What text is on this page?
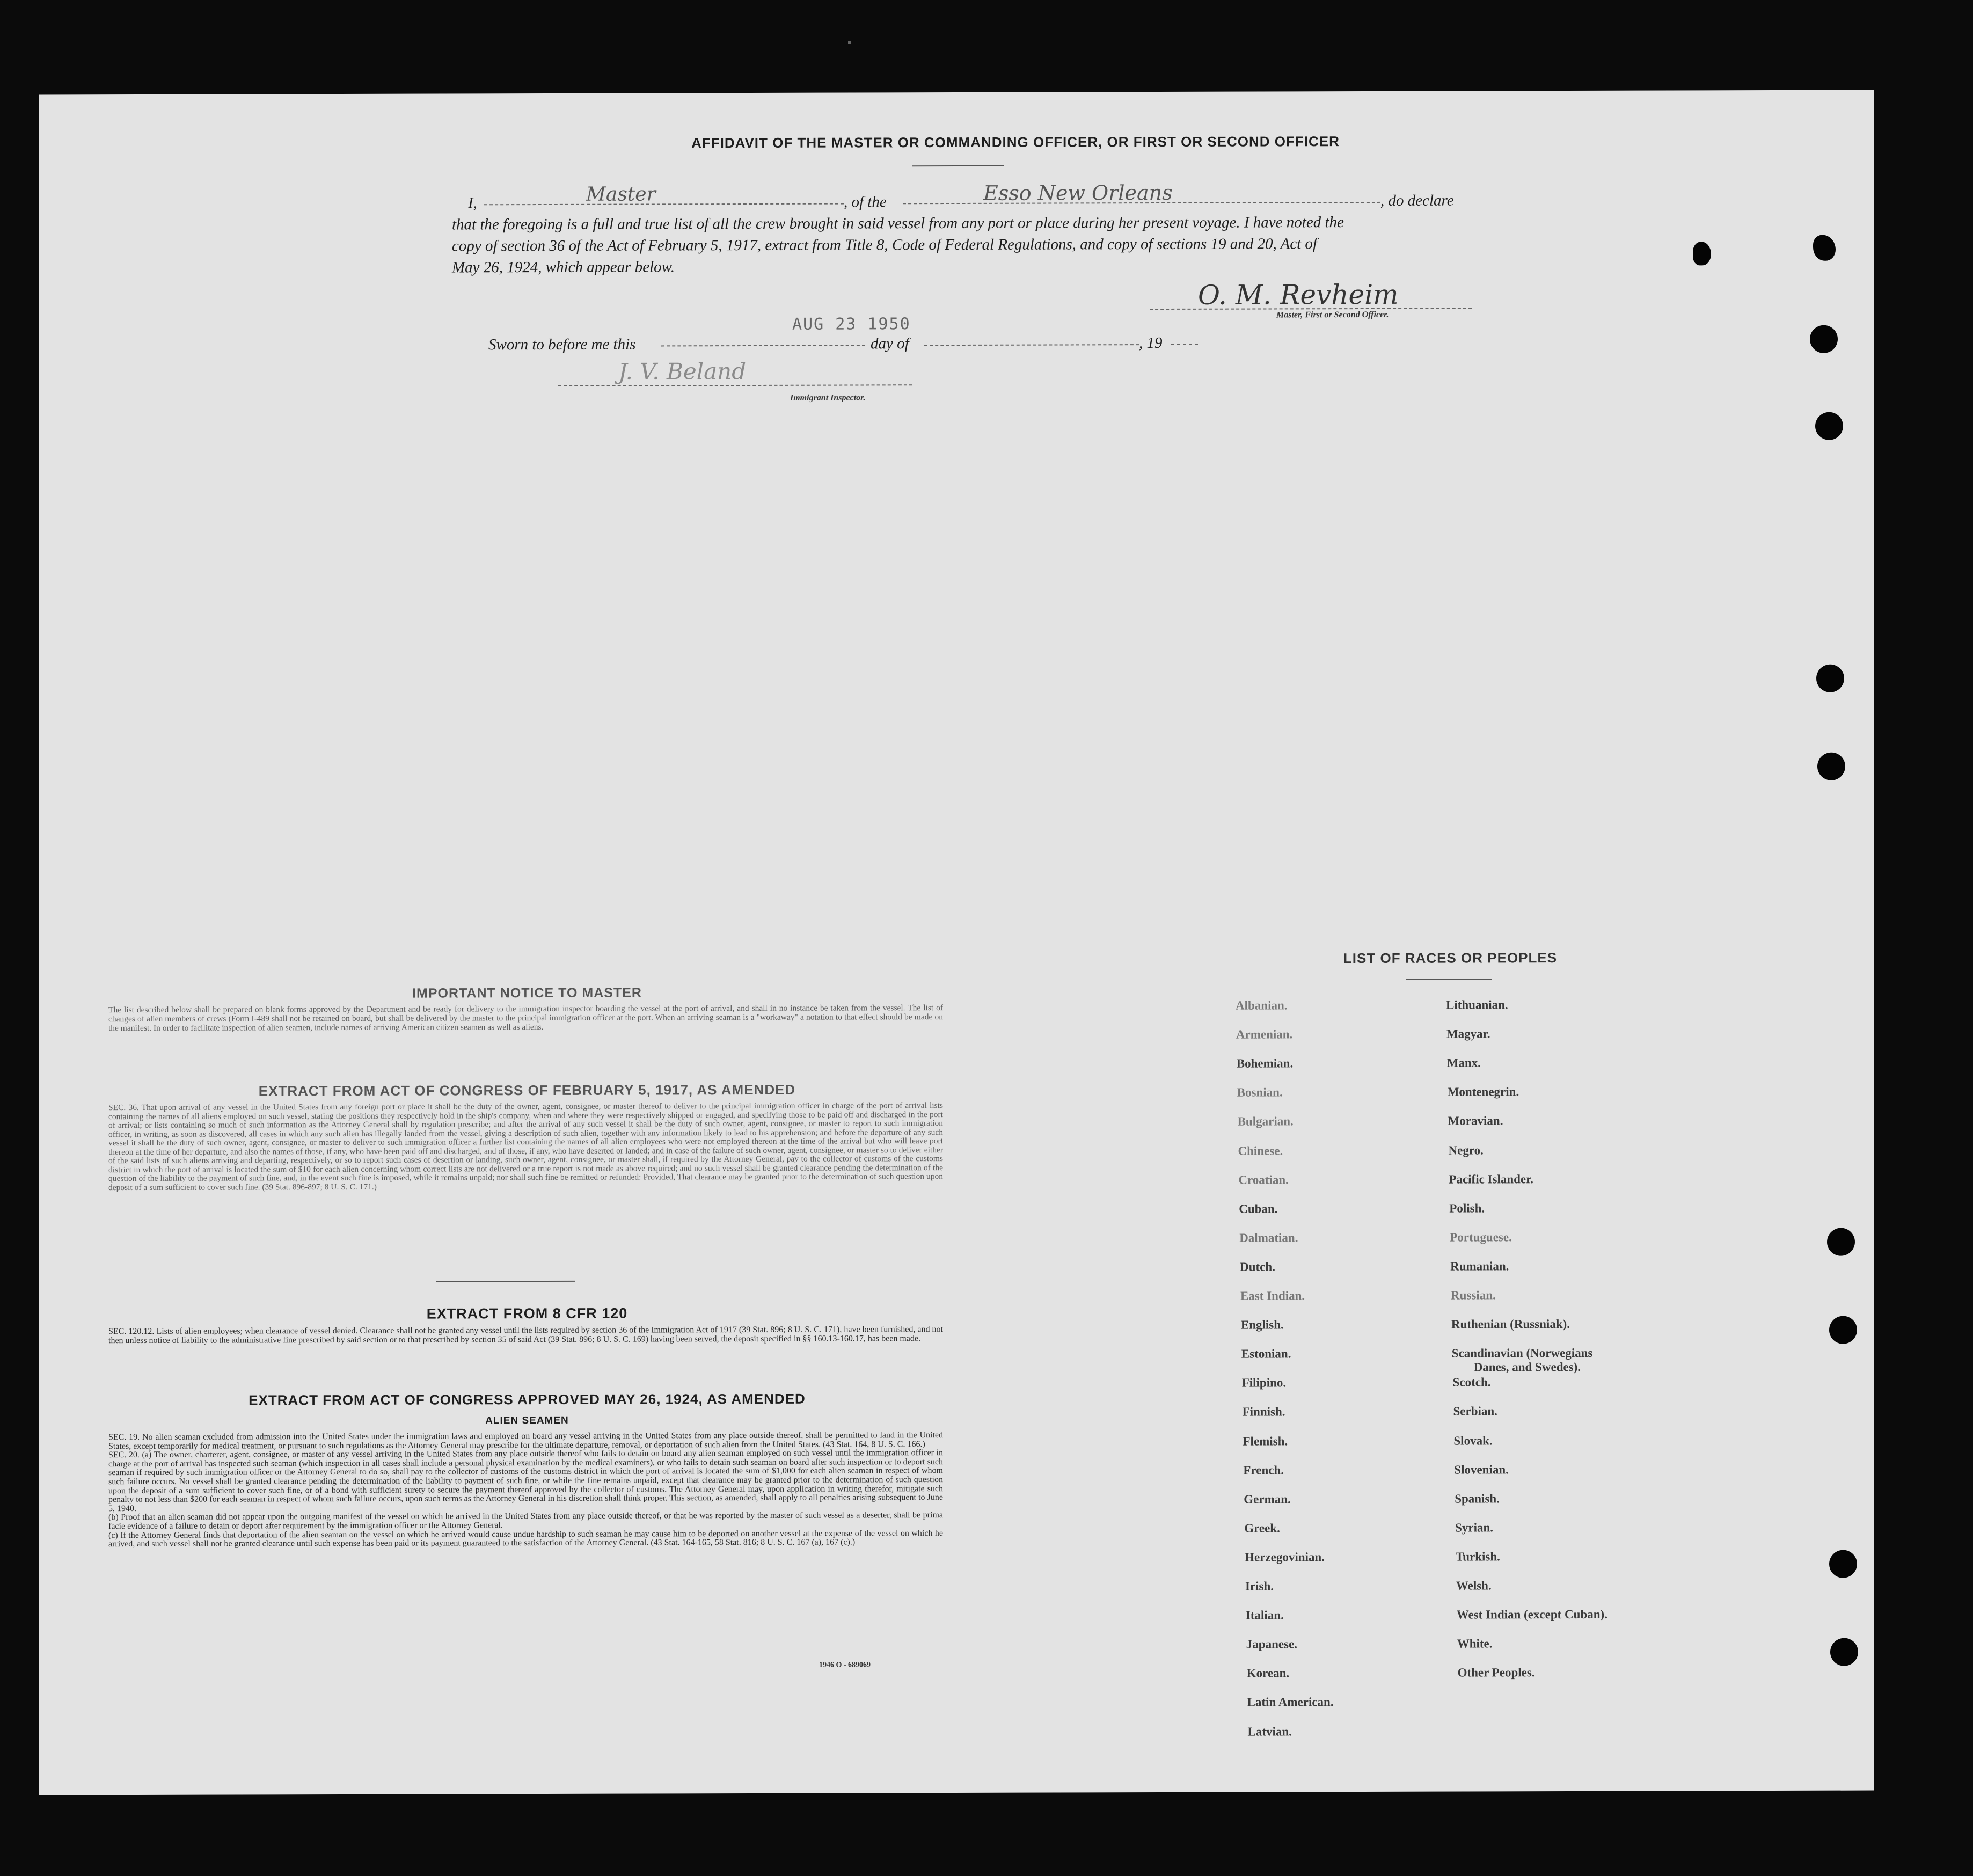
AFFIDAVIT OF THE MASTER OR COMMANDING OFFICER, OR FIRST OR SECOND OFFICER
I,	Master	, of the	Esso New Orleans	, do declare
that the foregoing is a full and true list of all the crew brought in said vessel from any port or place during her present voyage. I have noted the
copy of section 36 of the Act of February 5, 1917, extract from Title 8, Code of Federal Regulations, and copy of sections 19 and 20, Act of
May 26, 1924, which appear below.
O. M. Revheim
Master, First or Second Officer.
AUG 23 1950
Sworn to before me this	day of	, 19
J. V. Beland
Immigrant Inspector.
IMPORTANT NOTICE TO MASTER
The list described below shall be prepared on blank forms approved by the Department and be ready for delivery to the immigration inspector boarding the vessel at the port of arrival, and shall in no instance be taken from the vessel. The list of changes of alien members of crews (Form I-489 shall not be retained on board, but shall be delivered by the master to the principal immigration officer at the port. When an arriving seaman is a "workaway" a notation to that effect should be made on the manifest. In order to facilitate inspection of alien seamen, include names of arriving American citizen seamen as well as aliens.
EXTRACT FROM ACT OF CONGRESS OF FEBRUARY 5, 1917, AS AMENDED
SEC. 36. That upon arrival of any vessel in the United States from any foreign port or place it shall be the duty of the owner, agent, consignee, or master thereof to deliver to the principal immigration officer in charge of the port of arrival lists containing the names of all aliens employed on such vessel, stating the positions they respectively hold in the ship's company, when and where they were respectively shipped or engaged, and specifying those to be paid off and discharged in the port of arrival; or lists containing so much of such information as the Attorney General shall by regulation prescribe; and after the arrival of any such vessel it shall be the duty of such owner, agent, consignee, or master to report to such immigration officer, in writing, as soon as discovered, all cases in which any such alien has illegally landed from the vessel, giving a description of such alien, together with any information likely to lead to his apprehension; and before the departure of any such vessel it shall be the duty of such owner, agent, consignee, or master to deliver to such immigration officer a further list containing the names of all alien employees who were not employed thereon at the time of the arrival but who will leave port thereon at the time of her departure, and also the names of those, if any, who have been paid off and discharged, and of those, if any, who have deserted or landed; and in case of the failure of such owner, agent, consignee, or master so to deliver either of the said lists of such aliens arriving and departing, respectively, or so to report such cases of desertion or landing, such owner, agent, consignee, or master shall, if required by the Attorney General, pay to the collector of customs of the customs district in which the port of arrival is located the sum of $10 for each alien concerning whom correct lists are not delivered or a true report is not made as above required; and no such vessel shall be granted clearance pending the determination of the question of the liability to the payment of such fine, and, in the event such fine is imposed, while it remains unpaid; nor shall such fine be remitted or refunded: Provided, That clearance may be granted prior to the determination of such question upon deposit of a sum sufficient to cover such fine. (39 Stat. 896-897; 8 U. S. C. 171.)
EXTRACT FROM 8 CFR 120
SEC. 120.12. Lists of alien employees; when clearance of vessel denied. Clearance shall not be granted any vessel until the lists required by section 36 of the Immigration Act of 1917 (39 Stat. 896; 8 U. S. C. 171), have been furnished, and not then unless notice of liability to the administrative fine prescribed by said section or to that prescribed by section 35 of said Act (39 Stat. 896; 8 U. S. C. 169) having been served, the deposit specified in §§ 160.13-160.17, has been made.
EXTRACT FROM ACT OF CONGRESS APPROVED MAY 26, 1924, AS AMENDED
ALIEN SEAMEN
SEC. 19. No alien seaman excluded from admission into the United States under the immigration laws and employed on board any vessel arriving in the United States from any place outside thereof, shall be permitted to land in the United States, except temporarily for medical treatment, or pursuant to such regulations as the Attorney General may prescribe for the ultimate departure, removal, or deportation of such alien from the United States. (43 Stat. 164, 8 U. S. C. 166.)
SEC. 20. (a) The owner, charterer, agent, consignee, or master of any vessel arriving in the United States from any place outside thereof who fails to detain on board any alien seaman employed on such vessel until the immigration officer in charge at the port of arrival has inspected such seaman (which inspection in all cases shall include a personal physical examination by the medical examiners), or who fails to detain such seaman on board after such inspection or to deport such seaman if required by such immigration officer or the Attorney General to do so, shall pay to the collector of customs of the customs district in which the port of arrival is located the sum of $1,000 for each alien seaman in respect of whom such failure occurs. No vessel shall be granted clearance pending the determination of the liability to payment of such fine, or while the fine remains unpaid, except that clearance may be granted prior to the determination of such question upon the deposit of a sum sufficient to cover such fine, or of a bond with sufficient surety to secure the payment thereof approved by the collector of customs. The Attorney General may, upon application in writing therefor, mitigate such penalty to not less than $200 for each seaman in respect of whom such failure occurs, upon such terms as the Attorney General in his discretion shall think proper. This section, as amended, shall apply to all penalties arising subsequent to June 5, 1940.
(b) Proof that an alien seaman did not appear upon the outgoing manifest of the vessel on which he arrived in the United States from any place outside thereof, or that he was reported by the master of such vessel as a deserter, shall be prima facie evidence of a failure to detain or deport after requirement by the immigration officer or the Attorney General.
(c) If the Attorney General finds that deportation of the alien seaman on the vessel on which he arrived would cause undue hardship to such seaman he may cause him to be deported on another vessel at the expense of the vessel on which he arrived, and such vessel shall not be granted clearance until such expense has been paid or its payment guaranteed to the satisfaction of the Attorney General. (43 Stat. 164-165, 58 Stat. 816; 8 U. S. C. 167 (a), 167 (c).)
1946 O - 689069
LIST OF RACES OR PEOPLES
Albanian.
Armenian.
Bohemian.
Bosnian.
Bulgarian.
Chinese.
Croatian.
Cuban.
Dalmatian.
Dutch.
East Indian.
English.
Estonian.
Filipino.
Finnish.
Flemish.
French.
German.
Greek.
Herzegovinian.
Irish.
Italian.
Japanese.
Korean.
Latin American.
Latvian.
Lithuanian.
Magyar.
Manx.
Montenegrin.
Moravian.
Negro.
Pacific Islander.
Polish.
Portuguese.
Rumanian.
Russian.
Ruthenian (Russniak).
Scandinavian (Norwegians
Danes, and Swedes).
Scotch.
Serbian.
Slovak.
Slovenian.
Spanish.
Syrian.
Turkish.
Welsh.
West Indian (except Cuban).
White.
Other Peoples.
